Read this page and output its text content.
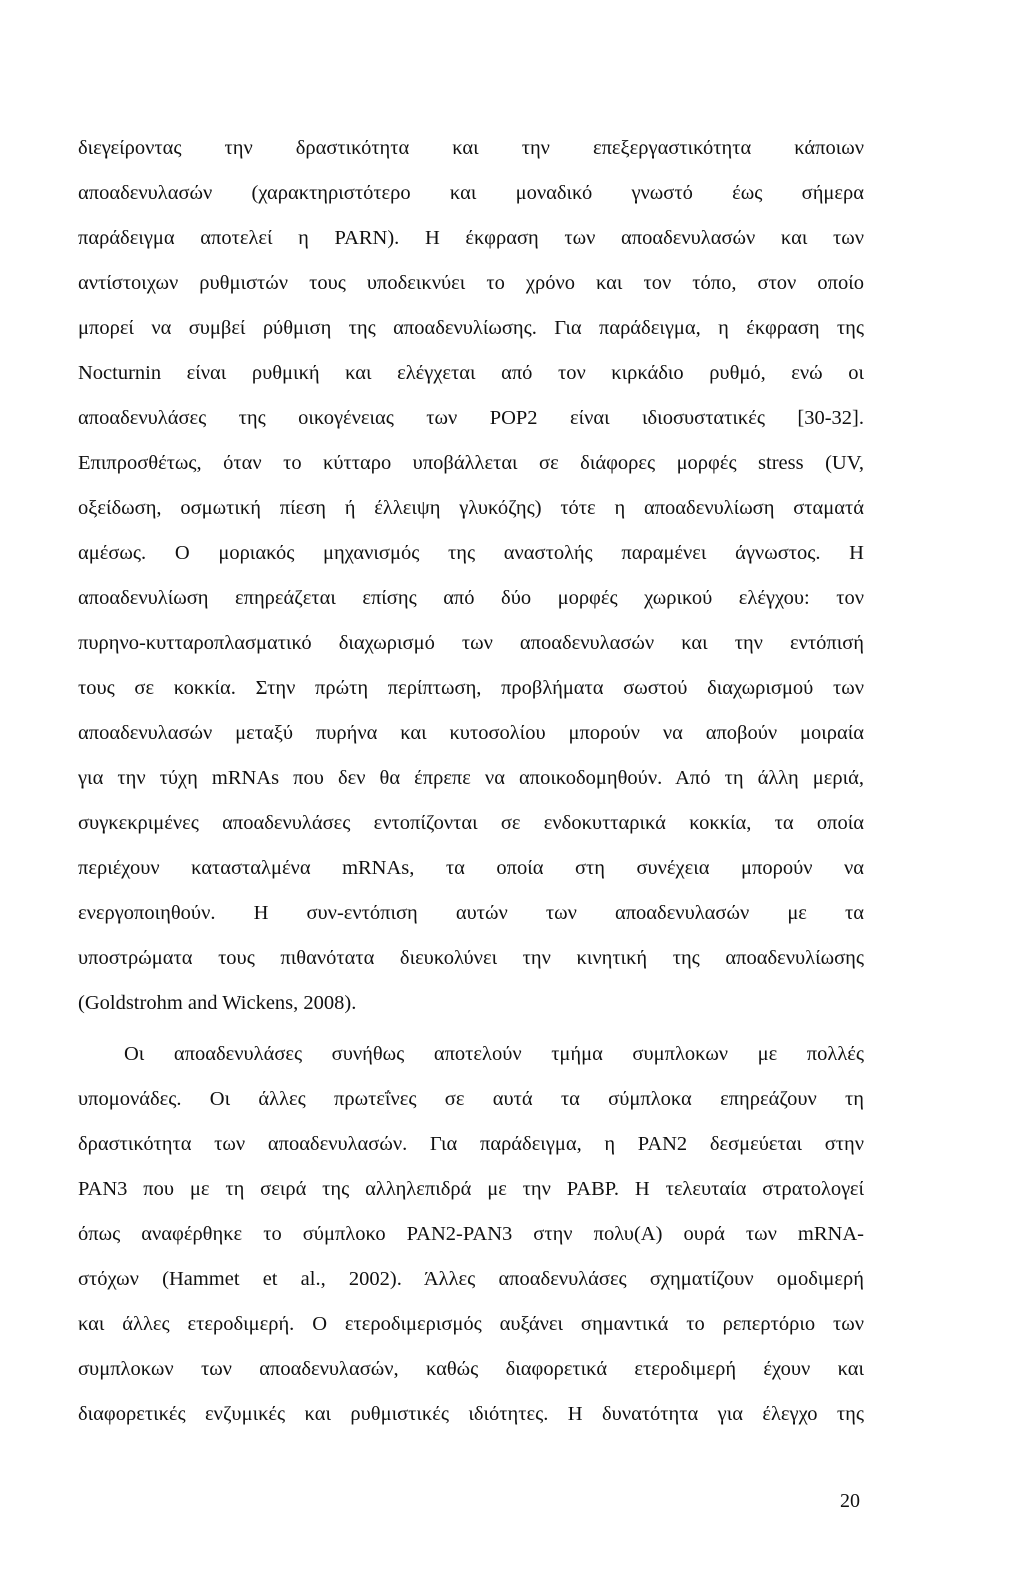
διεγείροντας την δραστικότητα και την επεξεργαστικότητα κάποιων

αποαδενυλασών (χαρακτηριστότερο και μοναδικό γνωστό έως σήμερα

παράδειγμα αποτελεί η PARN). Η έκφραση των αποαδενυλασών και των

αντίστοιχων ρυθμιστών τους υποδεικνύει το χρόνο και τον τόπο, στον οποίο

μπορεί να συμβεί ρύθμιση της αποαδενυλίωσης. Για παράδειγμα, η έκφραση της

Nocturnin είναι ρυθμική και ελέγχεται από τον κιρκάδιο ρυθμό, ενώ οι

αποαδενυλάσες της οικογένειας των POP2 είναι ιδιοσυστατικές [30-32].

Επιπροσθέτως, όταν το κύτταρο υποβάλλεται σε διάφορες μορφές stress (UV,

οξείδωση, οσμωτική πίεση ή έλλειψη γλυκόζης) τότε η αποαδενυλίωση σταματά

αμέσως. Ο μοριακός μηχανισμός της αναστολής παραμένει άγνωστος. Η

αποαδενυλίωση επηρεάζεται επίσης από δύο μορφές χωρικού ελέγχου: τον

πυρηνο-κυτταροπλασματικό διαχωρισμό των αποαδενυλασών και την εντόπισή

τους σε κοκκία. Στην πρώτη περίπτωση, προβλήματα σωστού διαχωρισμού των

αποαδενυλασών μεταξύ πυρήνα και κυτοσολίου μπορούν να αποβούν μοιραία

για την τύχη mRNAs που δεν θα έπρεπε να αποικοδομηθούν. Από τη άλλη μεριά,

συγκεκριμένες αποαδενυλάσες εντοπίζονται σε ενδοκυτταρικά κοκκία, τα οποία

περιέχουν κατασταλμένα mRNAs, τα οποία στη συνέχεια μπορούν να

ενεργοποιηθούν. Η συν-εντόπιση αυτών των αποαδενυλασών με τα

υποστρώματα τους πιθανότατα διευκολύνει την κινητική της αποαδενυλίωσης

(Goldstrohm and Wickens, 2008).

Οι αποαδενυλάσες συνήθως αποτελούν τμήμα συμπλοκων με πολλές

υπομονάδες. Οι άλλες πρωτεΐνες σε αυτά τα σύμπλοκα επηρεάζουν τη

δραστικότητα των αποαδενυλασών. Για παράδειγμα, η PAN2 δεσμεύεται στην

PAN3 που με τη σειρά της αλληλεπιδρά με την PABP. Η τελευταία στρατολογεί

όπως αναφέρθηκε το σύμπλοκο PAN2-PAN3 στην πολυ(A) ουρά των mRNA-

στόχων (Hammet et al., 2002). Άλλες αποαδενυλάσες σχηματίζουν ομοδιμερή

και άλλες ετεροδιμερή. Ο ετεροδιμερισμός αυξάνει σημαντικά το ρεπερτόριο των

συμπλοκων των αποαδενυλασών, καθώς διαφορετικά ετεροδιμερή έχουν και

διαφορετικές ενζυμικές και ρυθμιστικές ιδιότητες. Η δυνατότητα για έλεγχο της

20
